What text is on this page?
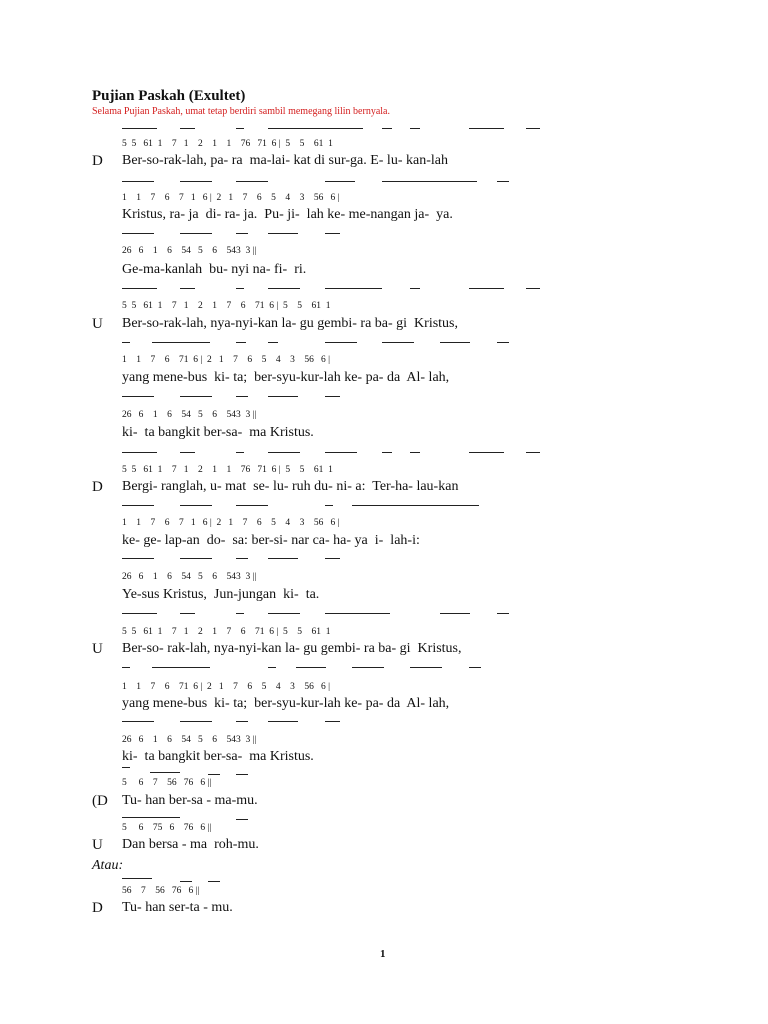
Pujian Paskah (Exultet)
Selama Pujian Paskah, umat tetap berdiri sambil memegang lilin bernyala.
5  5   61  1    7   1    2    1    1    76   71  6 |  5    5    61  1
D Ber-so-rak-lah, pa- ra  ma-lai- kat di sur-ga. E- lu- kan-lah
1    1    7    6    7   1   6 |  2   1    7    6    5    4    3    56   6 |
Kristus, ra- ja  di- ra- ja.  Pu- ji-  lah ke- me-nangan ja-  ya.
26   6    1    6    54   5    6    543  3 ||
Ge-ma-kanlah  bu- nyi na- fi-  ri.
5  5   61  1    7   1    2    1    7    6    71  6 |  5    5    61  1
U Ber-so-rak-lah, nya-nyi-kan la- gu gembi- ra ba- gi  Kristus,
1    1    7    6    71  6 |  2   1    7    6    5    4    3    56   6 |
yang mene-bus  ki- ta;  ber-syu-kur-lah ke- pa- da  Al- lah,
26   6    1    6    54   5    6    543  3 ||
ki-  ta bangkit ber-sa-  ma Kristus.
5  5   61  1    7   1    2    1    1    76   71  6 |  5    5    61  1
D Bergi- ranglah, u- mat  se- lu- ruh du- ni- a:  Ter-ha- lau-kan
1    1    7    6    7   1   6 |  2   1    7    6    5    4    3    56   6 |
ke- ge- lap-an  do-  sa: ber-si- nar ca- ha- ya  i-  lah-i:
26   6    1    6    54   5    6    543  3 ||
Ye-sus Kristus,  Jun-jungan  ki-  ta.
5  5   61  1    7   1    2    1    7    6    71  6 |  5    5    61  1
U Ber-so- rak-lah, nya-nyi-kan la- gu gembi- ra ba- gi  Kristus,
1    1    7    6    71  6 |  2   1    7    6    5    4    3    56   6 |
yang mene-bus  ki- ta;  ber-syu-kur-lah ke- pa- da  Al- lah,
26   6    1    6    54   5    6    543  3 ||
ki-  ta bangkit ber-sa-  ma Kristus.
5     6    7    56   76   6 ||
(D Tu- han ber-sa - ma-mu.
5     6    75   6    76   6 ||
U Dan bersa - ma  roh-mu.
Atau:
56    7    56   76   6 ||
D Tu- han ser-ta - mu.
1
